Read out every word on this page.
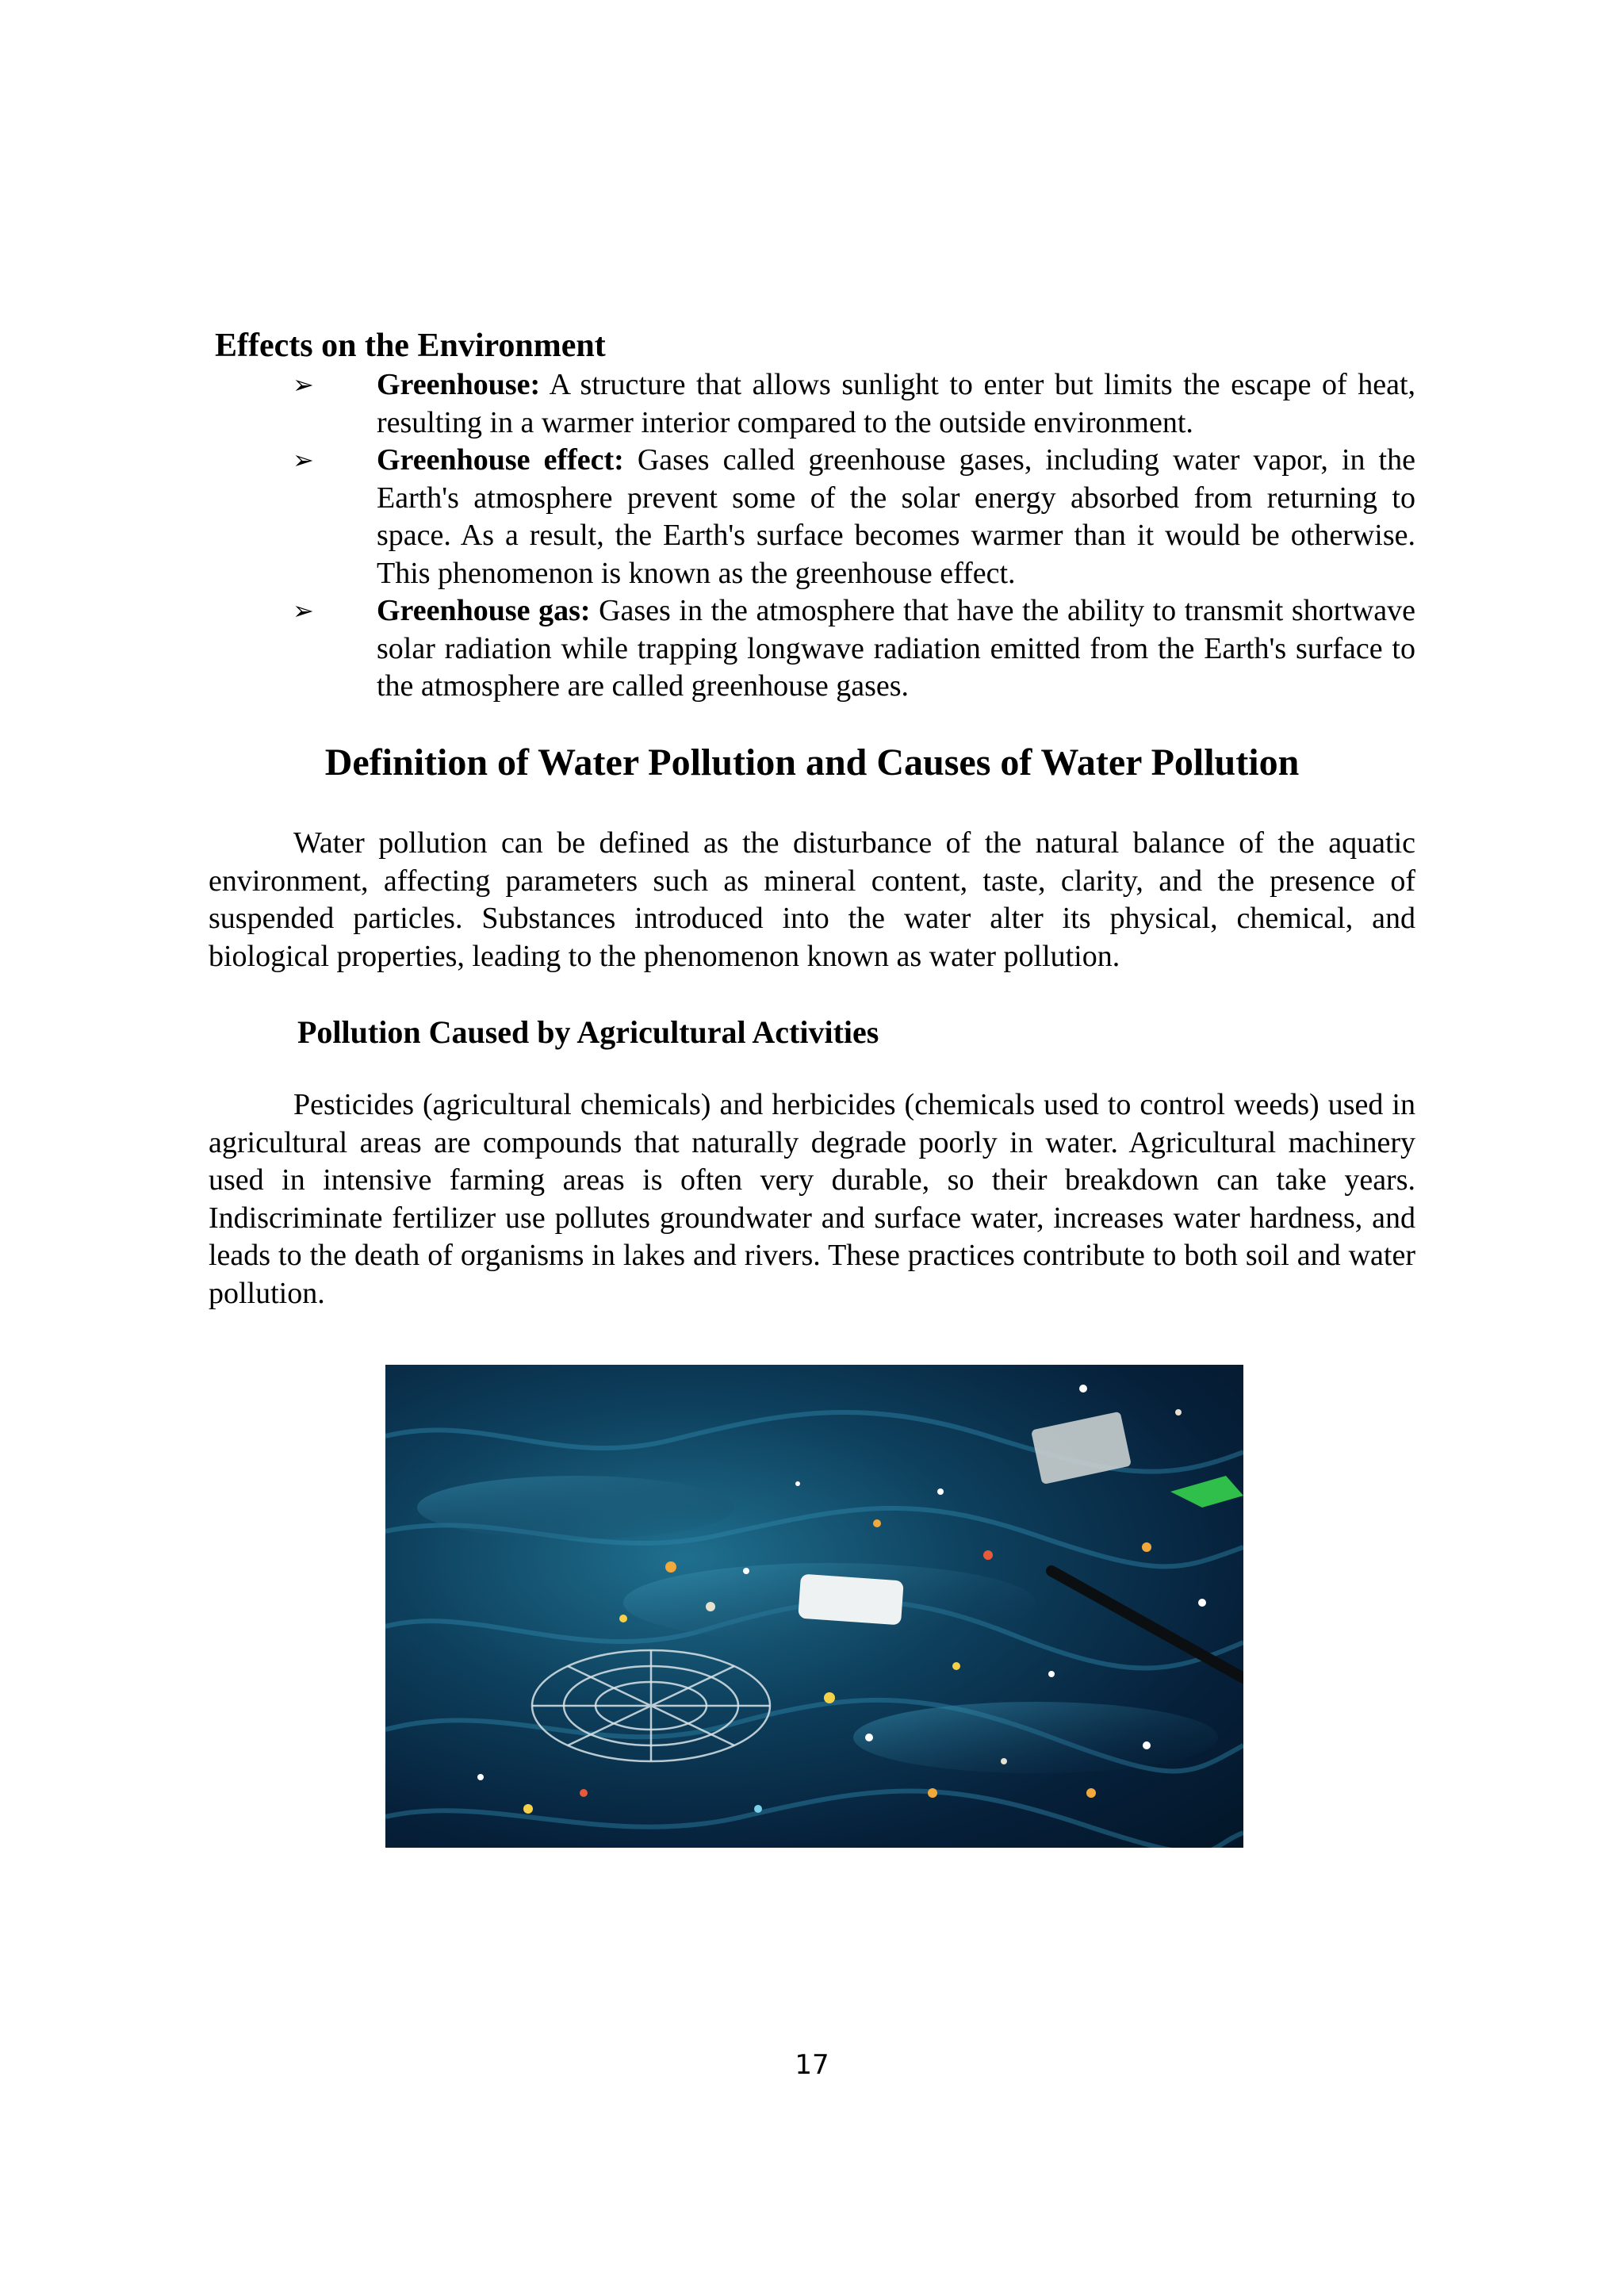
Effects on the Environment
➢ Greenhouse: A structure that allows sunlight to enter but limits the escape of heat, resulting in a warmer interior compared to the outside environment.
➢ Greenhouse effect: Gases called greenhouse gases, including water vapor, in the Earth's atmosphere prevent some of the solar energy absorbed from returning to space. As a result, the Earth's surface becomes warmer than it would be otherwise. This phenomenon is known as the greenhouse effect.
➢ Greenhouse gas: Gases in the atmosphere that have the ability to transmit shortwave solar radiation while trapping longwave radiation emitted from the Earth's surface to the atmosphere are called greenhouse gases.
Definition of Water Pollution and Causes of Water Pollution

Water pollution can be defined as the disturbance of the natural balance of the aquatic environment, affecting parameters such as mineral content, taste, clarity, and the presence of suspended particles. Substances introduced into the water alter its physical, chemical, and biological properties, leading to the phenomenon known as water pollution.

Pollution Caused by Agricultural Activities

Pesticides (agricultural chemicals) and herbicides (chemicals used to control weeds) used in agricultural areas are compounds that naturally degrade poorly in water. Agricultural machinery used in intensive farming areas is often very durable, so their breakdown can take years. Indiscriminate fertilizer use pollutes groundwater and surface water, increases water hardness, and leads to the death of organisms in lakes and rivers. These practices contribute to both soil and water pollution.

17
